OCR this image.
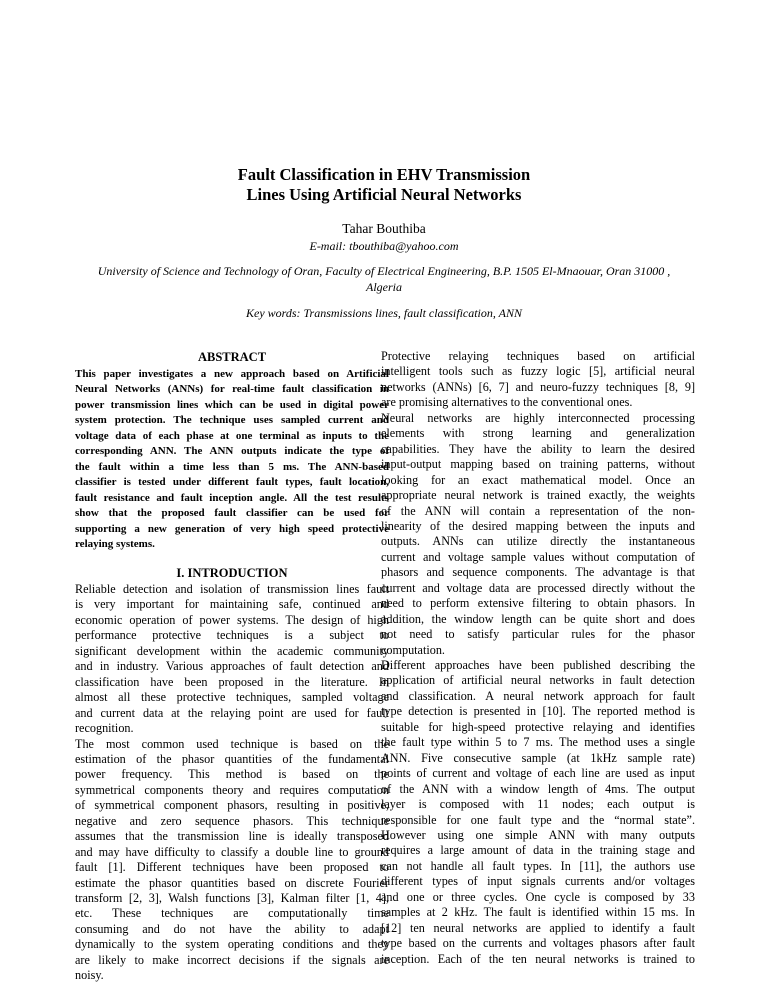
Fault Classification in EHV Transmission
Lines Using Artificial Neural Networks
Tahar Bouthiba
E-mail: tbouthiba@yahoo.com
University of Science and Technology of Oran, Faculty of Electrical Engineering, B.P. 1505 El-Mnaouar, Oran 31000 ,
Algeria
Key words: Transmissions lines, fault classification, ANN
ABSTRACT
This paper investigates a new approach based on Artificial
Neural Networks (ANNs) for real-time fault classification in
power transmission lines which can be used in digital power
system protection. The technique uses sampled current and
voltage data of each phase at one terminal as inputs to the
corresponding ANN. The ANN outputs indicate the type of
the fault within a time less than 5 ms. The ANN-based
classifier is tested under different fault types, fault location,
fault resistance and fault inception angle. All the test results
show that the proposed fault classifier can be used for
supporting a new generation of very high speed protective
relaying systems.
I. INTRODUCTION
Reliable detection and isolation of transmission lines fault
is very important for maintaining safe, continued and
economic operation of power systems. The design of high
performance protective techniques is a subject to
significant development within the academic community
and in industry. Various approaches of fault detection and
classification have been proposed in the literature. In
almost all these protective techniques, sampled voltage
and current data at the relaying point are used for fault
recognition.
The most common used technique is based on the
estimation of the phasor quantities of the fundamental
power frequency. This method is based on the
symmetrical components theory and requires computation
of symmetrical component phasors, resulting in positive,
negative and zero sequence phasors. This technique
assumes that the transmission line is ideally transposed
and may have difficulty to classify a double line to ground
fault [1]. Different techniques have been proposed to
estimate the phasor quantities based on discrete Fourier
transform [2, 3], Walsh functions [3], Kalman filter [1, 4],
etc. These techniques are computationally time
consuming and do not have the ability to adapt
dynamically to the system operating conditions and they
are likely to make incorrect decisions if the signals are
noisy.
Protective relaying techniques based on artificial
intelligent tools such as fuzzy logic [5], artificial neural
networks (ANNs) [6, 7] and neuro-fuzzy techniques [8, 9]
are promising alternatives to the conventional ones.
Neural networks are highly interconnected processing
elements with strong learning and generalization
capabilities. They have the ability to learn the desired
input-output mapping based on training patterns, without
looking for an exact mathematical model. Once an
appropriate neural network is trained exactly, the weights
of the ANN will contain a representation of the non-
linearity of the desired mapping between the inputs and
outputs. ANNs can utilize directly the instantaneous
current and voltage sample values without computation of
phasors and sequence components. The advantage is that
current and voltage data are processed directly without the
need to perform extensive filtering to obtain phasors. In
addition, the window length can be quite short and does
not need to satisfy particular rules for the phasor
computation.
Different approaches have been published describing the
application of artificial neural networks in fault detection
and classification. A neural network approach for fault
type detection is presented in [10]. The reported method is
suitable for high-speed protective relaying and identifies
the fault type within 5 to 7 ms. The method uses a single
ANN. Five consecutive sample (at 1kHz sample rate)
points of current and voltage of each line are used as input
of the ANN with a window length of 4ms. The output
layer is composed with 11 nodes; each output is
responsible for one fault type and the “normal state”.
However using one simple ANN with many outputs
requires a large amount of data in the training stage and
can not handle all fault types. In [11], the authors use
different types of input signals currents and/or voltages
and one or three cycles. One cycle is composed by 33
samples at 2 kHz. The fault is identified within 15 ms. In
[12] ten neural networks are applied to identify a fault
type based on the currents and voltages phasors after fault
inception. Each of the ten neural networks is trained to
